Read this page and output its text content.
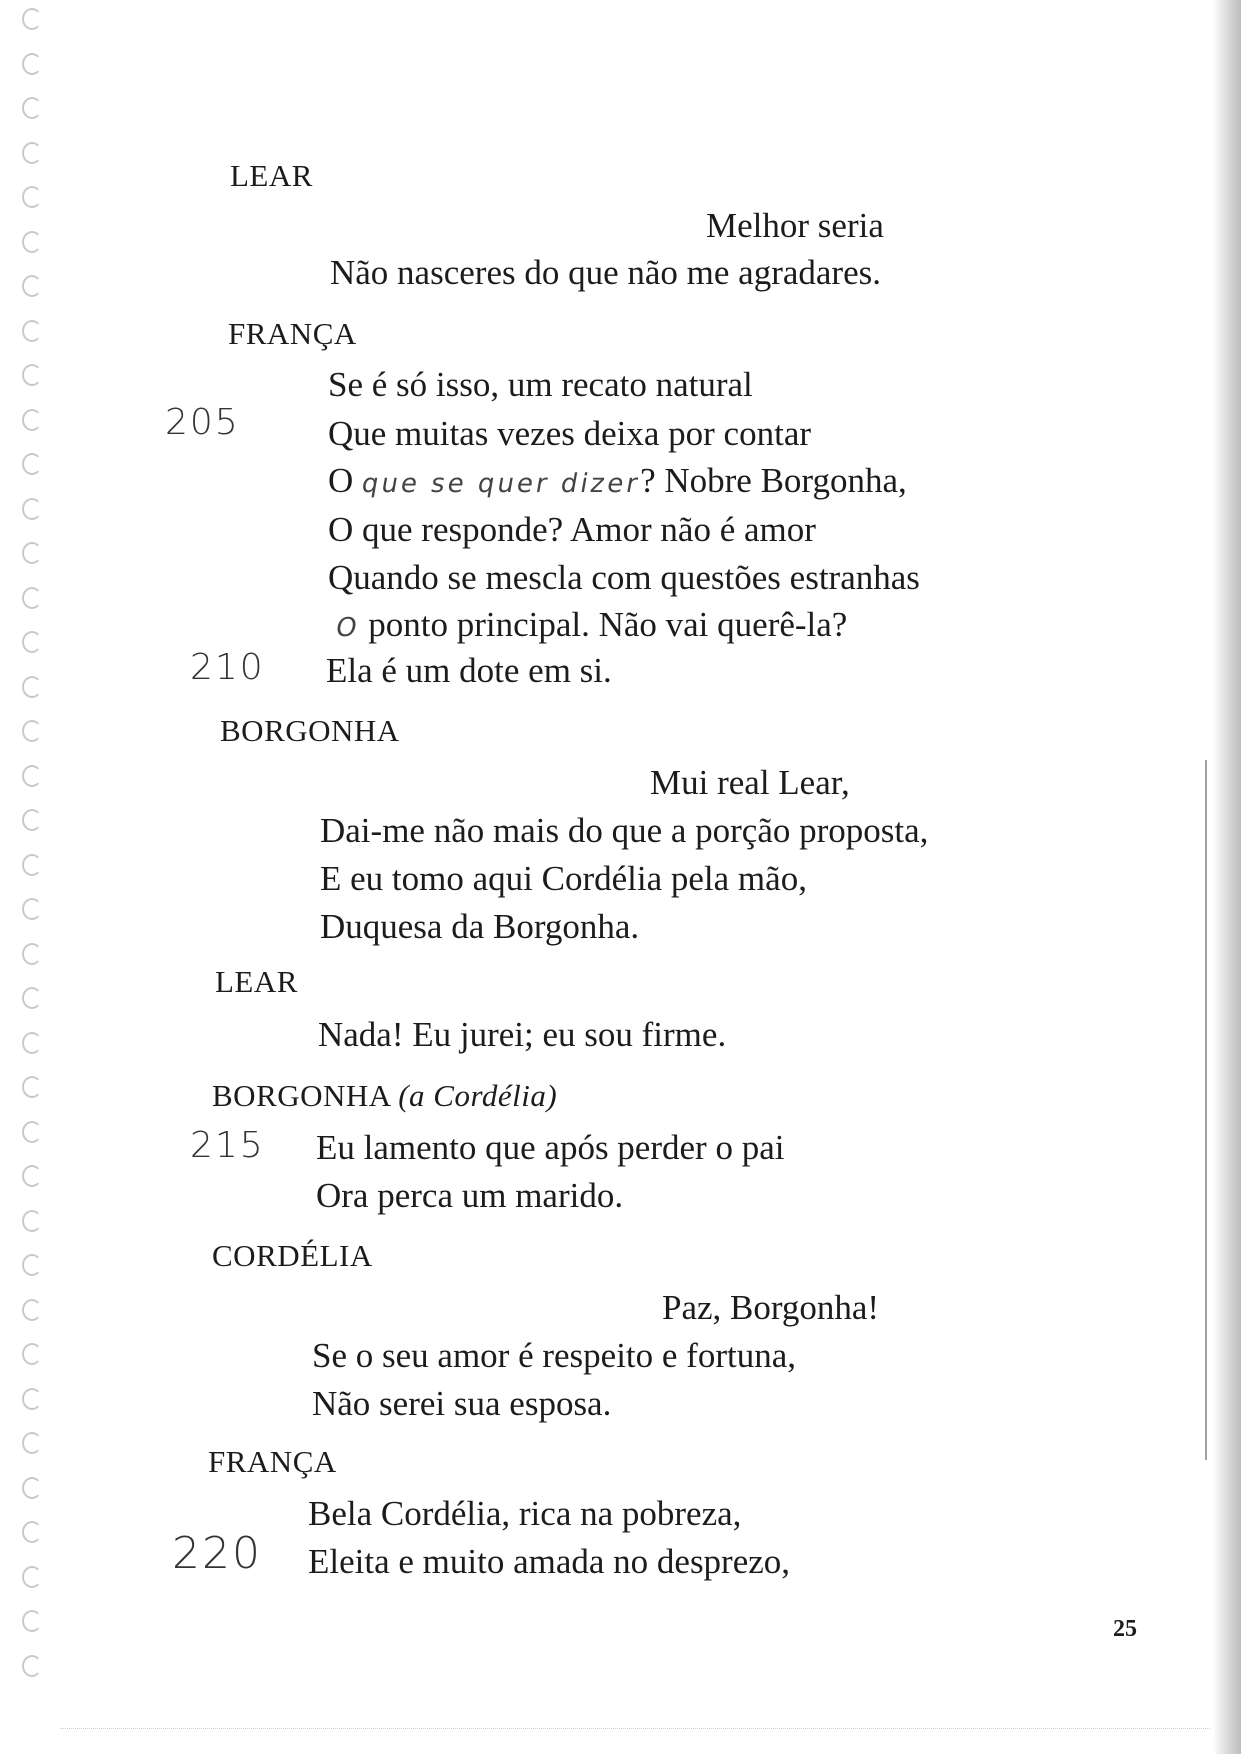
LEAR
Melhor seria
Não nasceres do que não me agradares.
FRANÇA
Se é só isso, um recato natural
205	Que muitas vezes deixa por contar
O que se quer dizer? Nobre Borgonha,
O que responde? Amor não é amor
Quando se mescla com questões estranhas
O ponto principal. Não vai querê-la?
210 Ela é um dote em si.
BORGONHA
Mui real Lear,
Dai-me não mais do que a porção proposta,
E eu tomo aqui Cordélia pela mão,
Duquesa da Borgonha.
LEAR
Nada! Eu jurei; eu sou firme.
BORGONHA (a Cordélia)
215 Eu lamento que após perder o pai
Ora perca um marido.
CORDÉLIA
Paz, Borgonha!
Se o seu amor é respeito e fortuna,
Não serei sua esposa.
FRANÇA
Bela Cordélia, rica na pobreza,
220 Eleita e muito amada no desprezo,
25
